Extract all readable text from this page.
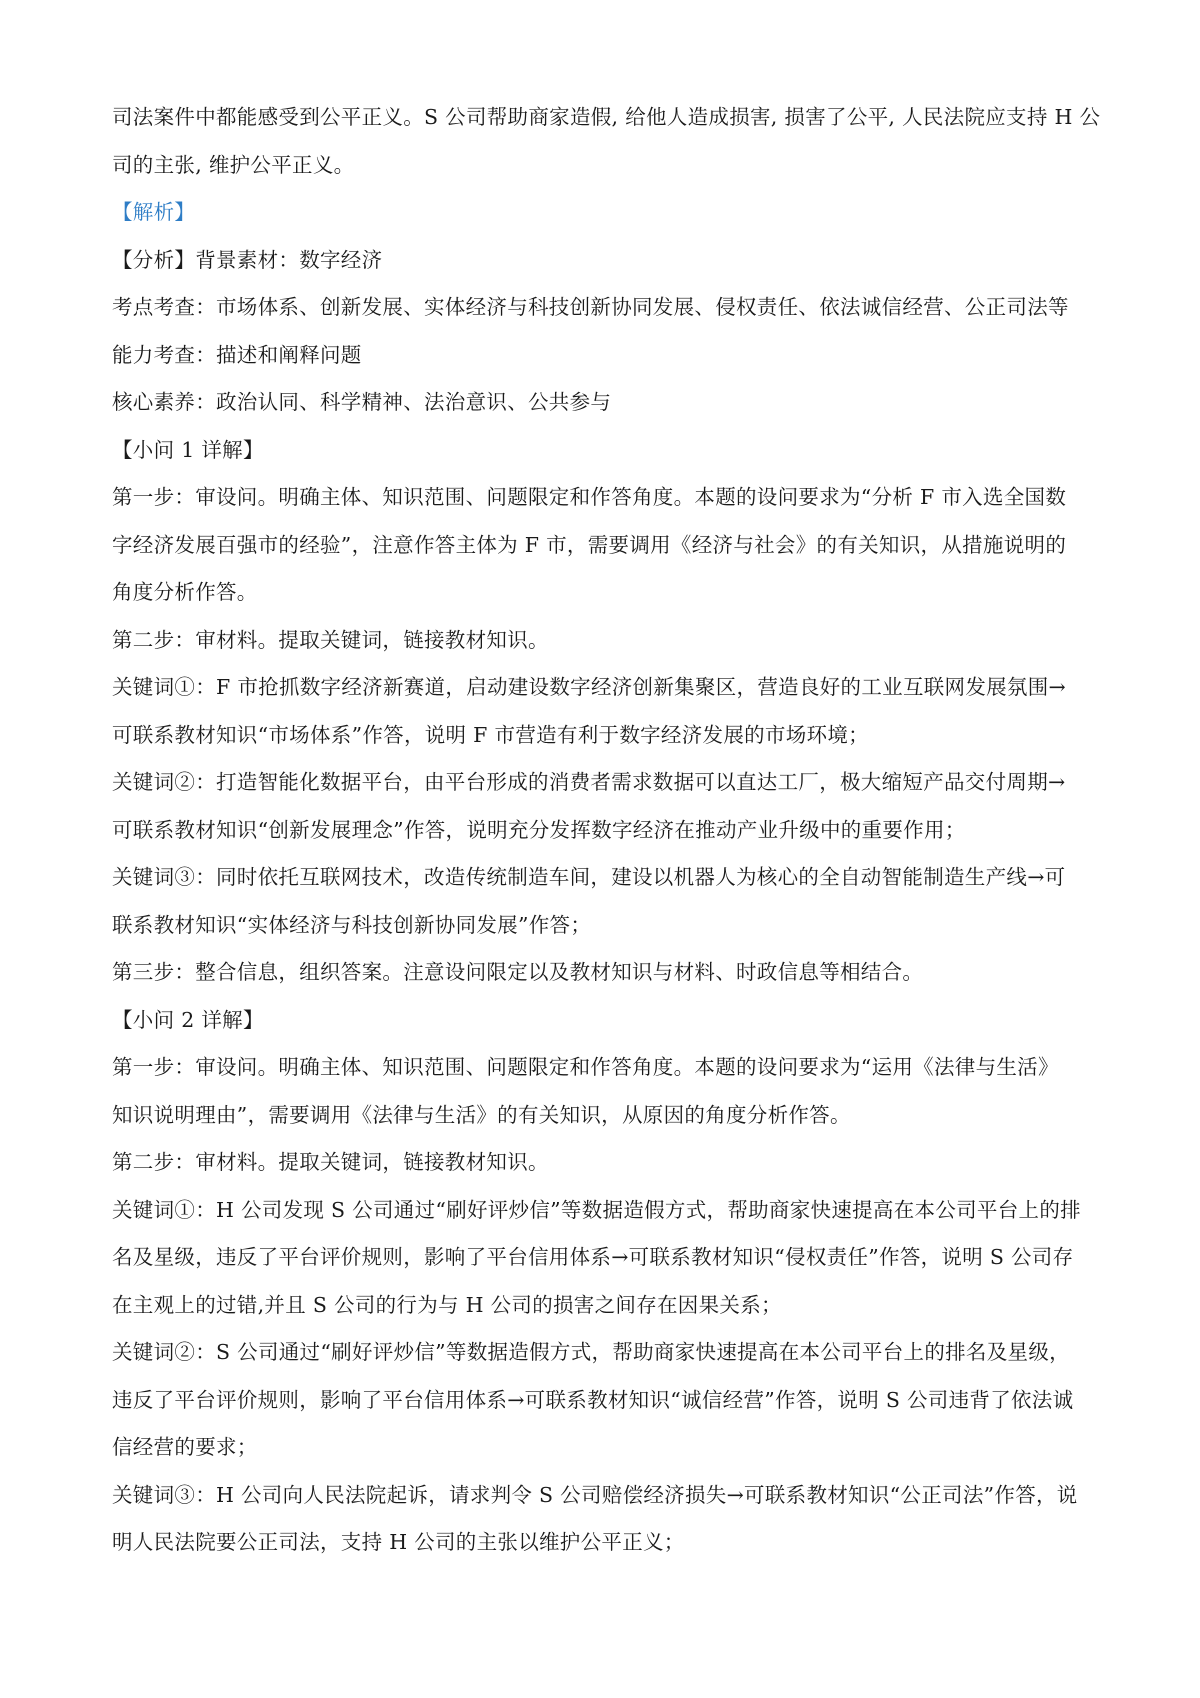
司法案件中都能感受到公平正义。S 公司帮助商家造假, 给他人造成损害, 损害了公平, 人民法院应支持 H 公
司的主张, 维护公平正义。
【解析】
【分析】背景素材：数字经济
考点考查：市场体系、创新发展、实体经济与科技创新协同发展、侵权责任、依法诚信经营、公正司法等
能力考查：描述和阐释问题
核心素养：政治认同、科学精神、法治意识、公共参与
【小问 1 详解】
第一步：审设问。明确主体、知识范围、问题限定和作答角度。本题的设问要求为“分析 F 市入选全国数
字经济发展百强市的经验”，注意作答主体为 F 市，需要调用《经济与社会》的有关知识，从措施说明的
角度分析作答。
第二步：审材料。提取关键词，链接教材知识。
关键词①：F 市抢抓数字经济新赛道，启动建设数字经济创新集聚区，营造良好的工业互联网发展氛围→
可联系教材知识“市场体系”作答，说明 F 市营造有利于数字经济发展的市场环境；
关键词②：打造智能化数据平台，由平台形成的消费者需求数据可以直达工厂，极大缩短产品交付周期→
可联系教材知识“创新发展理念”作答，说明充分发挥数字经济在推动产业升级中的重要作用；
关键词③：同时依托互联网技术，改造传统制造车间，建设以机器人为核心的全自动智能制造生产线→可
联系教材知识“实体经济与科技创新协同发展”作答；
第三步：整合信息，组织答案。注意设问限定以及教材知识与材料、时政信息等相结合。
【小问 2 详解】
第一步：审设问。明确主体、知识范围、问题限定和作答角度。本题的设问要求为“运用《法律与生活》
知识说明理由”，需要调用《法律与生活》的有关知识，从原因的角度分析作答。
第二步：审材料。提取关键词，链接教材知识。
关键词①：H 公司发现 S 公司通过“刷好评炒信”等数据造假方式，帮助商家快速提高在本公司平台上的排
名及星级，违反了平台评价规则，影响了平台信用体系→可联系教材知识“侵权责任”作答，说明 S 公司存
在主观上的过错,并且 S 公司的行为与 H 公司的损害之间存在因果关系；
关键词②：S 公司通过“刷好评炒信”等数据造假方式，帮助商家快速提高在本公司平台上的排名及星级，
违反了平台评价规则，影响了平台信用体系→可联系教材知识“诚信经营”作答，说明 S 公司违背了依法诚
信经营的要求；
关键词③：H 公司向人民法院起诉，请求判令 S 公司赔偿经济损失→可联系教材知识“公正司法”作答，说
明人民法院要公正司法，支持 H 公司的主张以维护公平正义；
